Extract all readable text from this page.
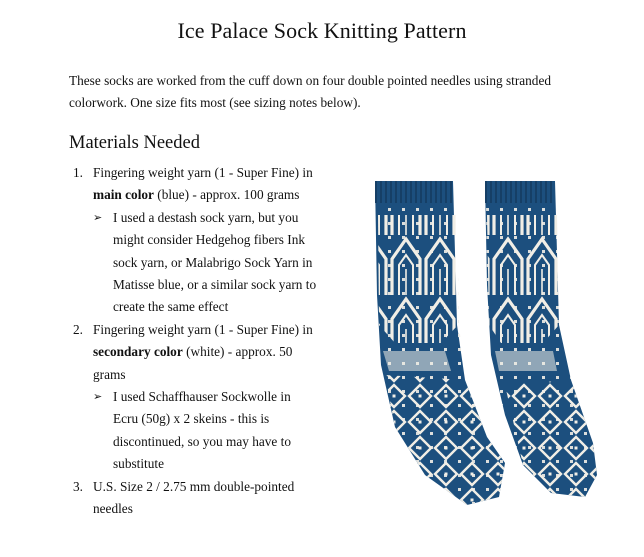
Ice Palace Sock Knitting Pattern
These socks are worked from the cuff down on four double pointed needles using stranded colorwork. One size fits most (see sizing notes below).
Materials Needed
1. Fingering weight yarn (1 - Super Fine) in main color (blue) - approx. 100 grams
➢ I used a destash sock yarn, but you might consider Hedgehog fibers Ink sock yarn, or Malabrigo Sock Yarn in Matisse blue, or a similar sock yarn to create the same effect
2. Fingering weight yarn (1 - Super Fine) in secondary color (white) - approx. 50 grams
➢ I used Schaffhauser Sockwolle in Ecru (50g) x 2 skeins - this is discontinued, so you may have to substitute
3. U.S. Size 2 / 2.75 mm double-pointed needles
